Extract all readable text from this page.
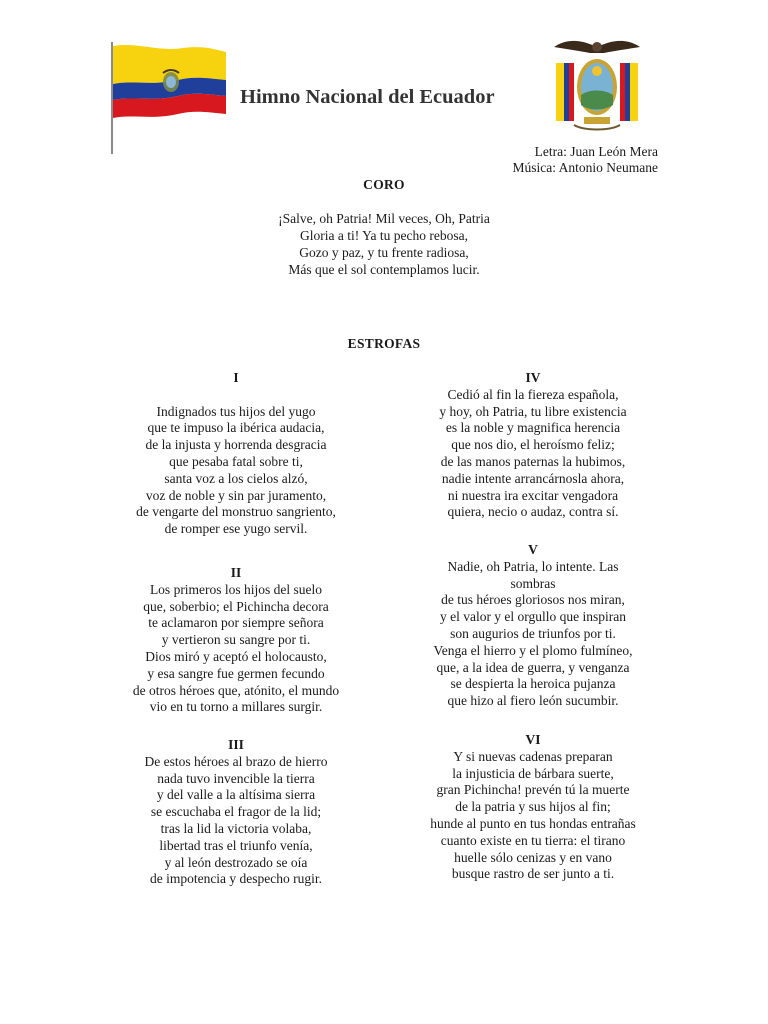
Himno Nacional del Ecuador
Letra: Juan León Mera
Música: Antonio Neumane
CORO
¡Salve, oh Patria! Mil veces, Oh, Patria
Gloria a ti! Ya tu pecho rebosa,
Gozo y paz, y tu frente radiosa,
Más que el sol contemplamos lucir.
ESTROFAS
I

Indignados tus hijos del yugo
que te impuso la ibérica audacia,
de la injusta y horrenda desgracia
que pesaba fatal sobre ti,
santa voz a los cielos alzó,
voz de noble y sin par juramento,
de vengarte del monstruo sangriento,
de romper ese yugo servil.
II
Los primeros los hijos del suelo
que, soberbio; el Pichincha decora
te aclamaron por siempre señora
y vertieron su sangre por ti.
Dios miró y aceptó el holocausto,
y esa sangre fue germen fecundo
de otros héroes que, atónito, el mundo
vio en tu torno a millares surgir.
III
De estos héroes al brazo de hierro
nada tuvo invencible la tierra
y del valle a la altísima sierra
se escuchaba el fragor de la lid;
tras la lid la victoria volaba,
libertad tras el triunfo venía,
y al león destrozado se oía
de impotencia y despecho rugir.
IV
Cedió al fin la fiereza española,
y hoy, oh Patria, tu libre existencia
es la noble y magnifica herencia
que nos dio, el heroísmo feliz;
de las manos paternas la hubimos,
nadie intente arrancárnosla ahora,
ni nuestra ira excitar vengadora
quiera, necio o audaz, contra sí.
V
Nadie, oh Patria, lo intente. Las sombras
de tus héroes gloriosos nos miran,
y el valor y el orgullo que inspiran
son augurios de triunfos por ti.
Venga el hierro y el plomo fulmíneo,
que, a la idea de guerra, y venganza
se despierta la heroica pujanza
que hizo al fiero león sucumbir.
VI
Y si nuevas cadenas preparan
la injusticia de bárbara suerte,
gran Pichincha! prevén tú la muerte
de la patria y sus hijos al fin;
hunde al punto en tus hondas entrañas
cuanto existe en tu tierra: el tirano
huelle sólo cenizas y en vano
busque rastro de ser junto a ti.
